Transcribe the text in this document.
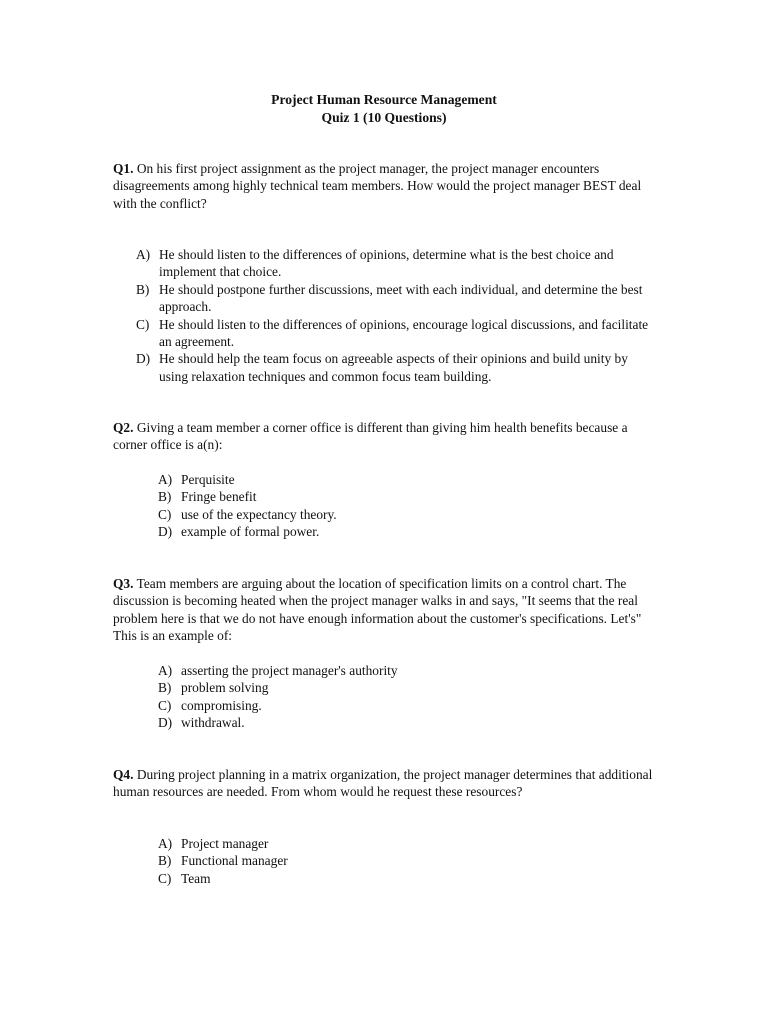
Project Human Resource Management
Quiz 1 (10 Questions)
Q1. On his first project assignment as the project manager, the project manager encounters disagreements among highly technical team members. How would the project manager BEST deal with the conflict?
A) He should listen to the differences of opinions, determine what is the best choice and implement that choice.
B) He should postpone further discussions, meet with each individual, and determine the best approach.
C) He should listen to the differences of opinions, encourage logical discussions, and facilitate an agreement.
D) He should help the team focus on agreeable aspects of their opinions and build unity by using relaxation techniques and common focus team building.
Q2. Giving a team member a corner office is different than giving him health benefits because a corner office is a(n):
A) Perquisite
B) Fringe benefit
C) use of the expectancy theory.
D) example of formal power.
Q3. Team members are arguing about the location of specification limits on a control chart. The discussion is becoming heated when the project manager walks in and says, "It seems that the real problem here is that we do not have enough information about the customer's specifications. Let's" This is an example of:
A) asserting the project manager's authority
B) problem solving
C) compromising.
D) withdrawal.
Q4. During project planning in a matrix organization, the project manager determines that additional human resources are needed. From whom would he request these resources?
A) Project manager
B) Functional manager
C) Team
